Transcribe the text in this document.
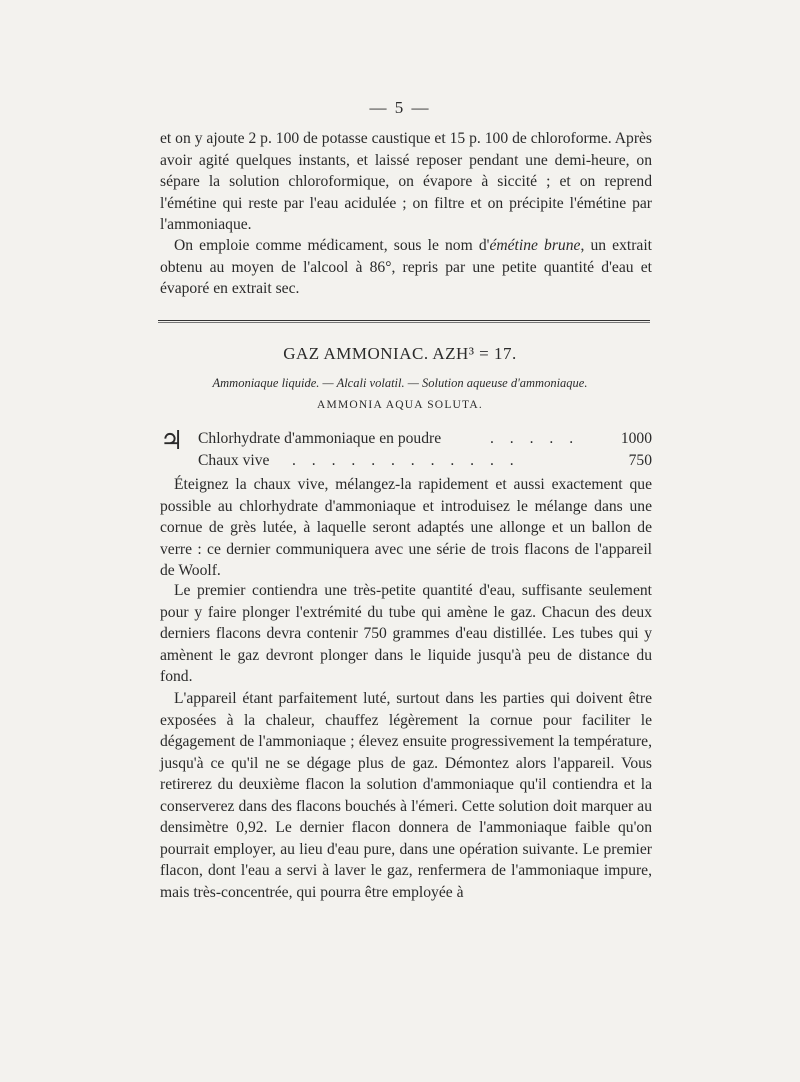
— 5 —

et on y ajoute 2 p. 100 de potasse caustique et 15 p. 100 de chloroforme. Après avoir agité quelques instants, et laissé reposer pendant une demi-heure, on sépare la solution chloroformique, on évapore à siccité ; et on reprend l'émétine qui reste par l'eau acidulée ; on filtre et on précipite l'émétine par l'ammoniaque.

On emploie comme médicament, sous le nom d'émétine brune, un extrait obtenu au moyen de l'alcool à 86°, repris par une petite quantité d'eau et évaporé en extrait sec.

GAZ AMMONIAC. AZH³ = 17.
Ammoniaque liquide. — Alcali volatil. — Solution aqueuse d'ammoniaque.
AMMONIA AQUA SOLUTA.
♃ Chlorhydrate d'ammoniaque en poudre	. . . . .	1000
Chaux vive . . . . . . . . . . . .	750

Éteignez la chaux vive, mélangez-la rapidement et aussi exactement que possible au chlorhydrate d'ammoniaque et introduisez le mélange dans une cornue de grès lutée, à laquelle seront adaptés une allonge et un ballon de verre : ce dernier communiquera avec une série de trois flacons de l'appareil de Woolf.

Le premier contiendra une très-petite quantité d'eau, suffisante seulement pour y faire plonger l'extrémité du tube qui amène le gaz. Chacun des deux derniers flacons devra contenir 750 grammes d'eau distillée. Les tubes qui y amènent le gaz devront plonger dans le liquide jusqu'à peu de distance du fond.

L'appareil étant parfaitement luté, surtout dans les parties qui doivent être exposées à la chaleur, chauffez légèrement la cornue pour faciliter le dégagement de l'ammoniaque ; élevez ensuite progressivement la température, jusqu'à ce qu'il ne se dégage plus de gaz. Démontez alors l'appareil. Vous retirerez du deuxième flacon la solution d'ammoniaque qu'il contiendra et la conserverez dans des flacons bouchés à l'émeri. Cette solution doit marquer au densimètre 0,92. Le dernier flacon donnera de l'ammoniaque faible qu'on pourrait employer, au lieu d'eau pure, dans une opération suivante. Le premier flacon, dont l'eau a servi à laver le gaz, renfermera de l'ammoniaque impure, mais très-concentrée, qui pourra être employée à
